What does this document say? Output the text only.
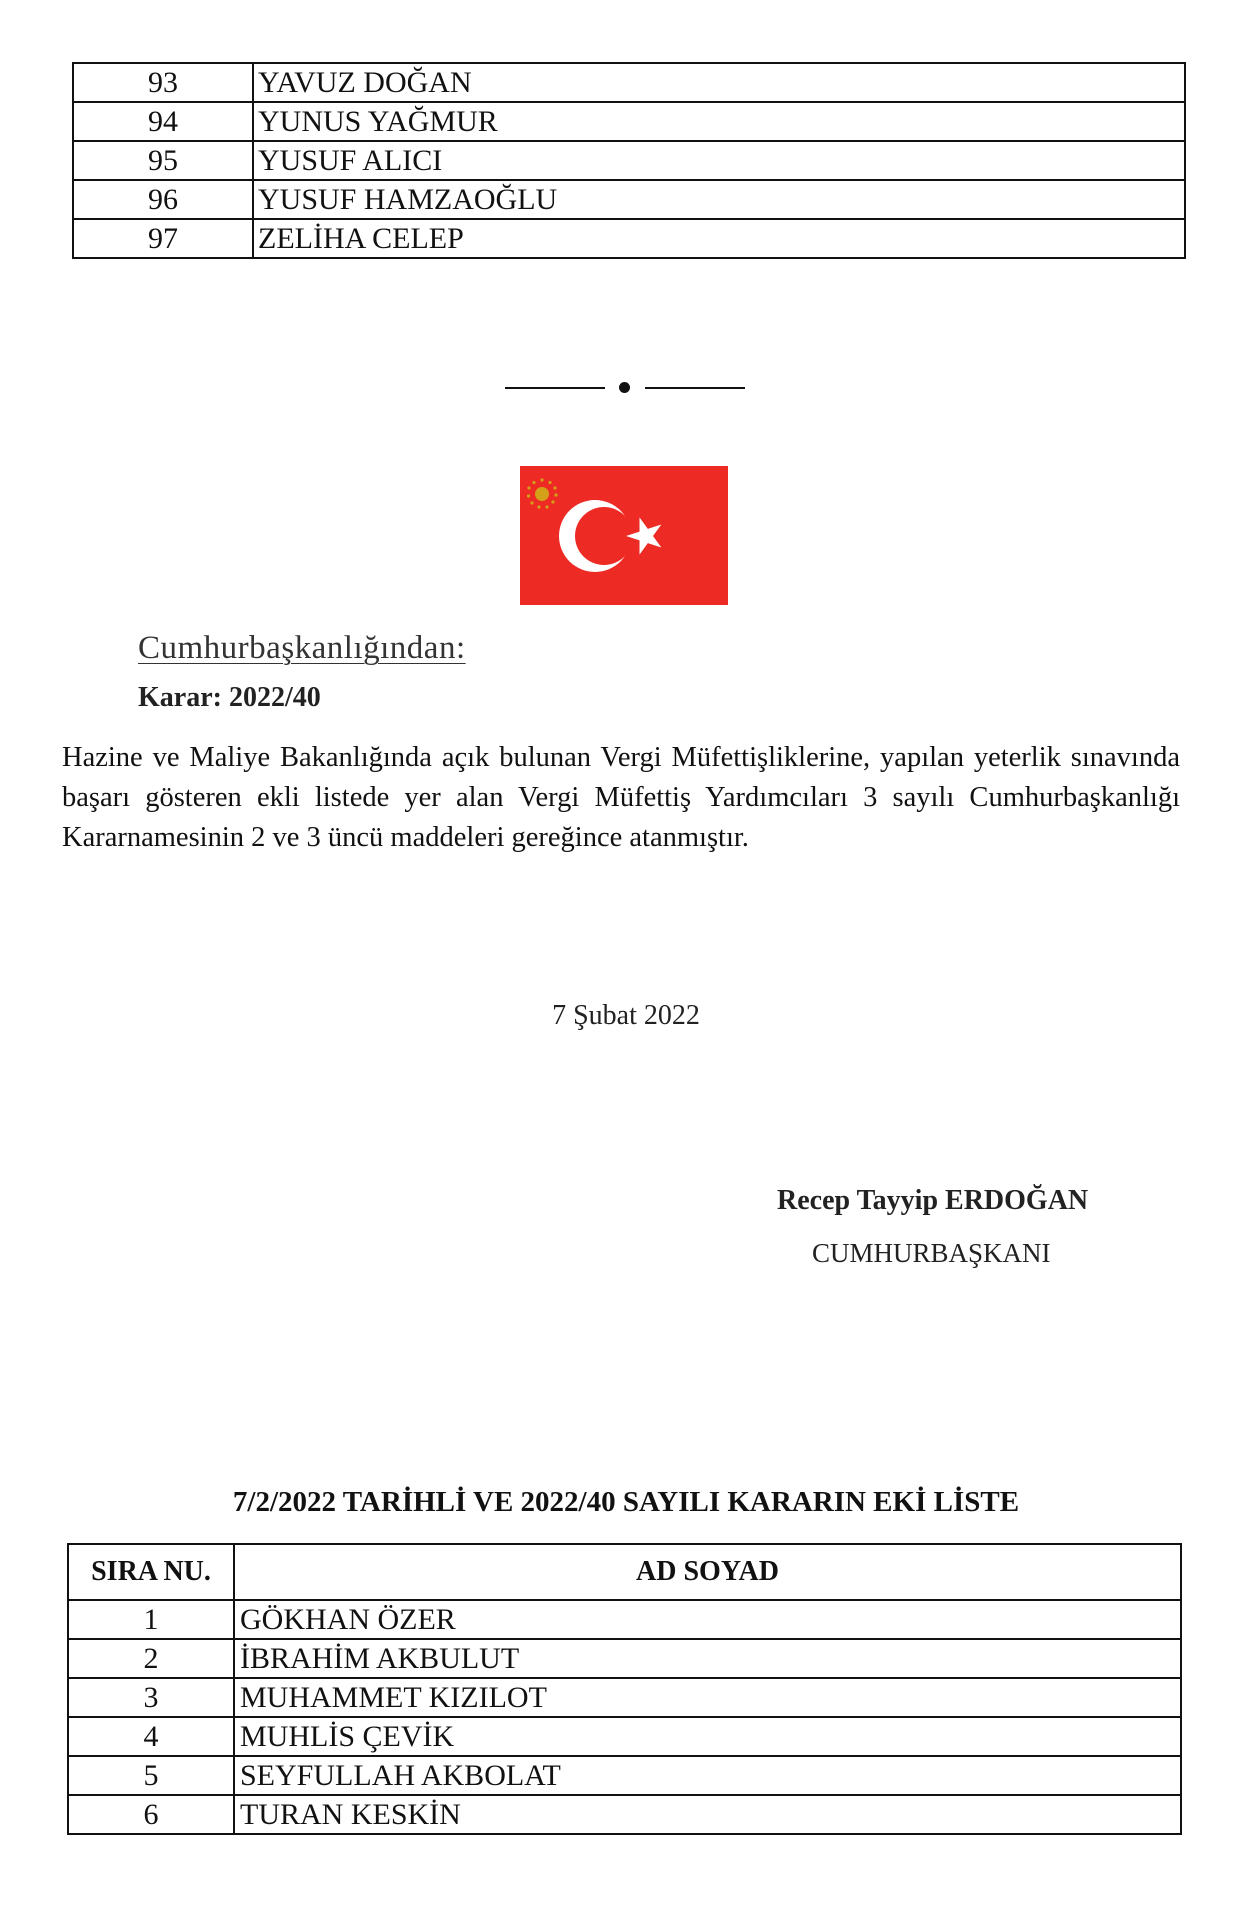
93	YAVUZ DOĞAN
94	YUNUS YAĞMUR
95	YUSUF ALICI
96	YUSUF HAMZAOĞLU
97	ZELİHA CELEP
Cumhurbaşkanlığından:
Karar: 2022/40
Hazine ve Maliye Bakanlığında açık bulunan Vergi Müfettişliklerine, yapılan yeterlik sınavında başarı gösteren ekli listede yer alan Vergi Müfettiş Yardımcıları 3 sayılı Cumhurbaşkanlığı Kararnamesinin 2 ve 3 üncü maddeleri gereğince atanmıştır.
7 Şubat 2022
Recep Tayyip ERDOĞAN
CUMHURBAŞKANI
7/2/2022 TARİHLİ VE 2022/40 SAYILI KARARIN EKİ LİSTE
SIRA NU.	AD SOYAD
1	GÖKHAN ÖZER
2	İBRAHİM AKBULUT
3	MUHAMMET KIZILOT
4	MUHLİS ÇEVİK
5	SEYFULLAH AKBOLAT
6	TURAN KESKİN
